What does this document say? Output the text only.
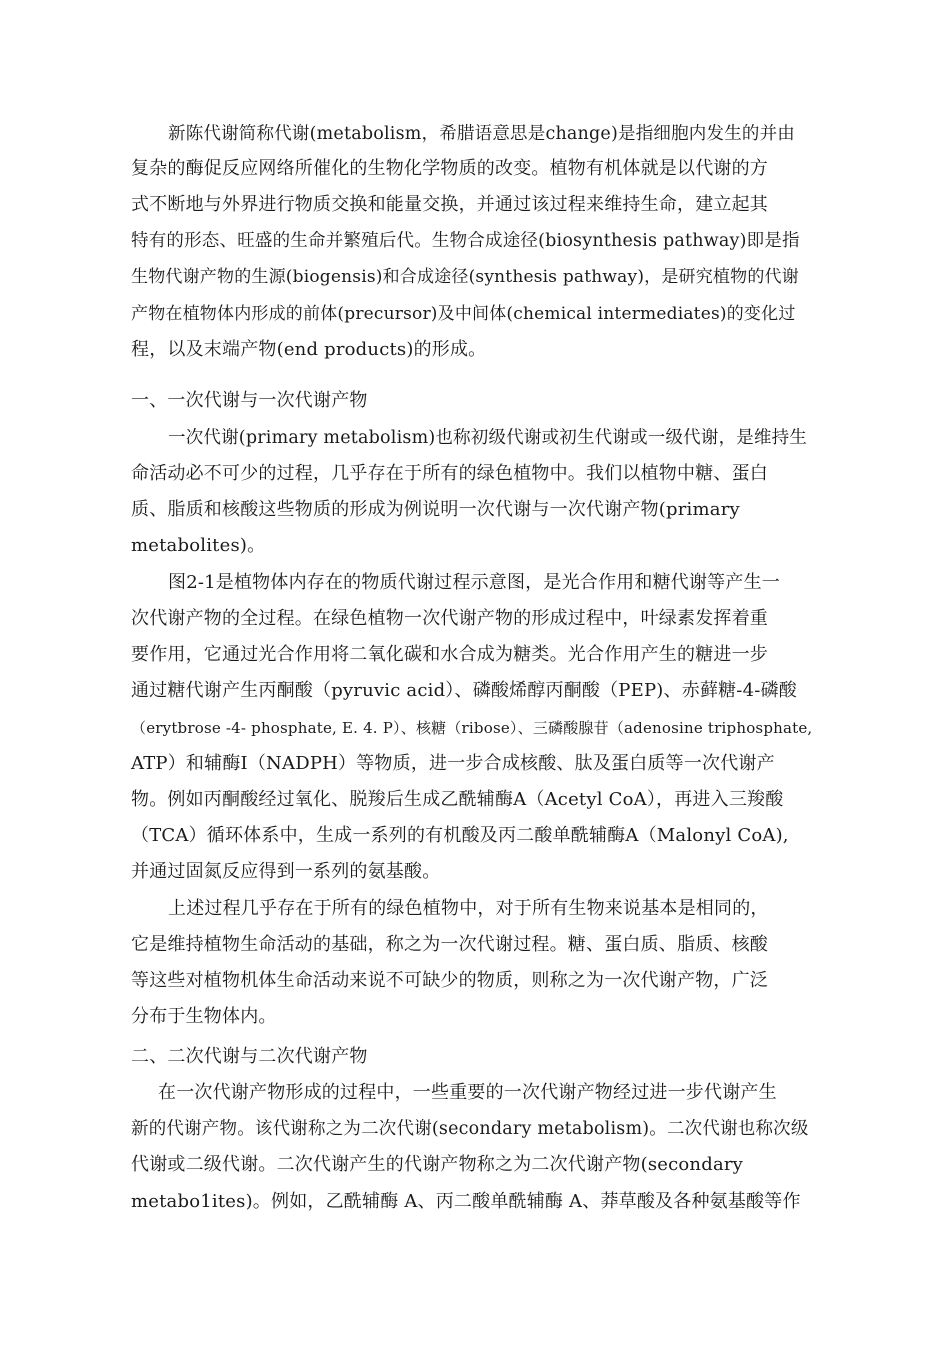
新陈代谢简称代谢(metabolism，希腊语意思是change)是指细胞内发生的并由
复杂的酶促反应网络所催化的生物化学物质的改变。植物有机体就是以代谢的方
式不断地与外界进行物质交换和能量交换，并通过该过程来维持生命，建立起其
特有的形态、旺盛的生命并繁殖后代。生物合成途径(biosynthesis pathway)即是指
生物代谢产物的生源(biogensis)和合成途径(synthesis pathway)，是研究植物的代谢
产物在植物体内形成的前体(precursor)及中间体(chemical intermediates)的变化过
程，以及末端产物(end products)的形成。
一、一次代谢与一次代谢产物
一次代谢(primary metabolism)也称初级代谢或初生代谢或一级代谢，是维持生
命活动必不可少的过程，几乎存在于所有的绿色植物中。我们以植物中糖、蛋白
质、脂质和核酸这些物质的形成为例说明一次代谢与一次代谢产物(primary
metabolites)。
图2-1是植物体内存在的物质代谢过程示意图，是光合作用和糖代谢等产生一
次代谢产物的全过程。在绿色植物一次代谢产物的形成过程中，叶绿素发挥着重
要作用，它通过光合作用将二氧化碳和水合成为糖类。光合作用产生的糖进一步
通过糖代谢产生丙酮酸（pyruvic acid）、磷酸烯醇丙酮酸（PEP)、赤藓糖-4-磷酸
（erytbrose -4- phosphate, E. 4. P）、核糖（ribose）、三磷酸腺苷（adenosine triphosphate,
ATP）和辅酶Ⅰ（NADPH）等物质，进一步合成核酸、肽及蛋白质等一次代谢产
物。例如丙酮酸经过氧化、脱羧后生成乙酰辅酶A（Acetyl CoA），再进入三羧酸
（TCA）循环体系中，生成一系列的有机酸及丙二酸单酰辅酶A（Malonyl CoA),
并通过固氮反应得到一系列的氨基酸。
上述过程几乎存在于所有的绿色植物中，对于所有生物来说基本是相同的，
它是维持植物生命活动的基础，称之为一次代谢过程。糖、蛋白质、脂质、核酸
等这些对植物机体生命活动来说不可缺少的物质，则称之为一次代谢产物，广泛
分布于生物体内。
二、二次代谢与二次代谢产物
在一次代谢产物形成的过程中，一些重要的一次代谢产物经过进一步代谢产生
新的代谢产物。该代谢称之为二次代谢(secondary metabolism)。二次代谢也称次级
代谢或二级代谢。二次代谢产生的代谢产物称之为二次代谢产物(secondary
metabo1ites)。例如，乙酰辅酶 A、丙二酸单酰辅酶 A、莽草酸及各种氨基酸等作
